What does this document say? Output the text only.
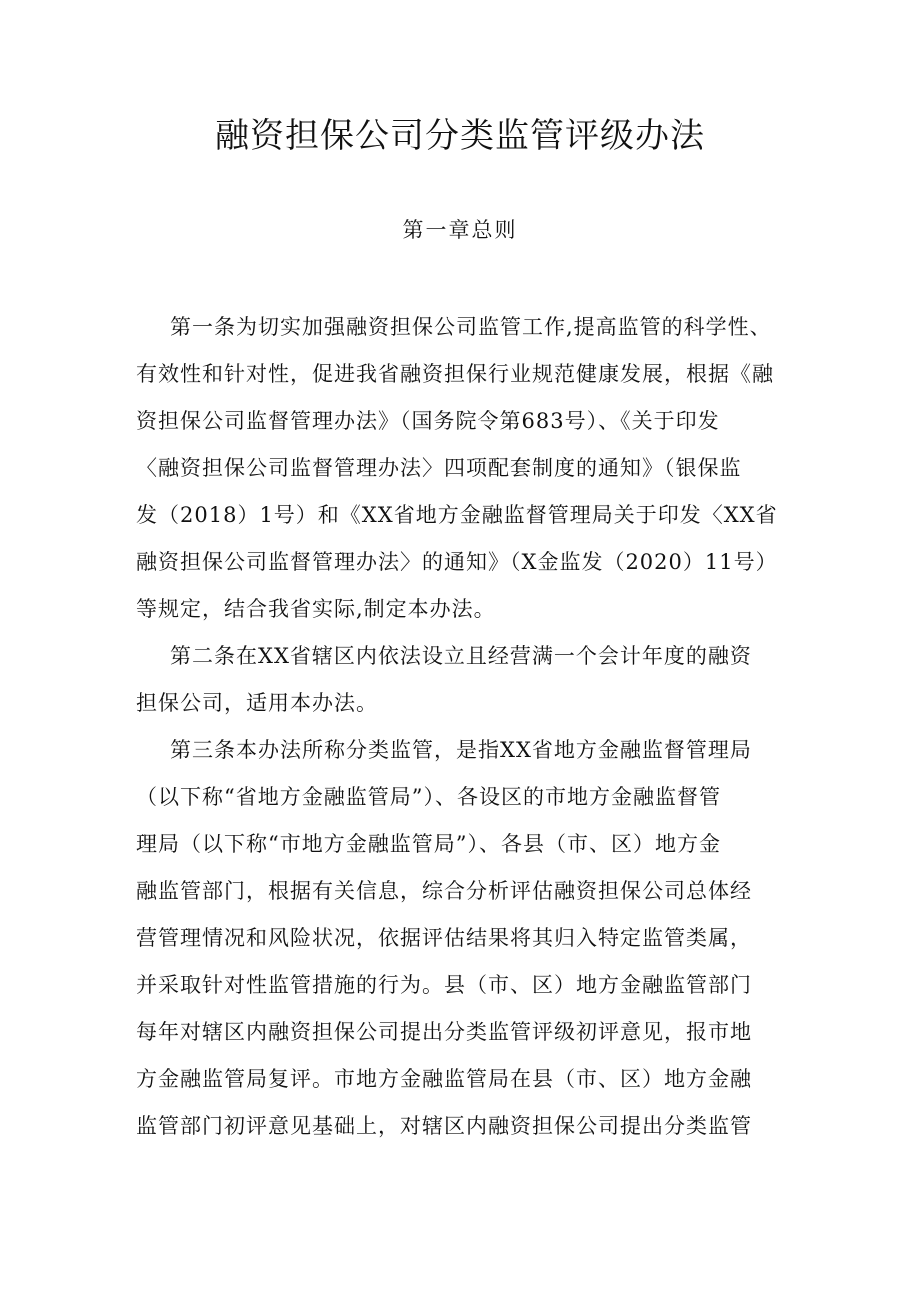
融资担保公司分类监管评级办法
第一章总则

第一条为切实加强融资担保公司监管工作,提高监管的科学性、
有效性和针对性，促进我省融资担保行业规范健康发展，根据《融
资担保公司监督管理办法》（国务院令第683号）、《关于印发
〈融资担保公司监督管理办法〉四项配套制度的通知》（银保监
发（2018）1号）和《XX省地方金融监督管理局关于印发〈XX省
融资担保公司监督管理办法〉的通知》（X金监发（2020）11号）
等规定，结合我省实际,制定本办法。

第二条在XX省辖区内依法设立且经营满一个会计年度的融资
担保公司，适用本办法。

第三条本办法所称分类监管，是指XX省地方金融监督管理局
（以下称“省地方金融监管局”）、各设区的市地方金融监督管
理局（以下称“市地方金融监管局”）、各县（市、区）地方金
融监管部门，根据有关信息，综合分析评估融资担保公司总体经
营管理情况和风险状况，依据评估结果将其归入特定监管类属，
并采取针对性监管措施的行为。县（市、区）地方金融监管部门
每年对辖区内融资担保公司提出分类监管评级初评意见，报市地
方金融监管局复评。市地方金融监管局在县（市、区）地方金融
监管部门初评意见基础上，对辖区内融资担保公司提出分类监管
